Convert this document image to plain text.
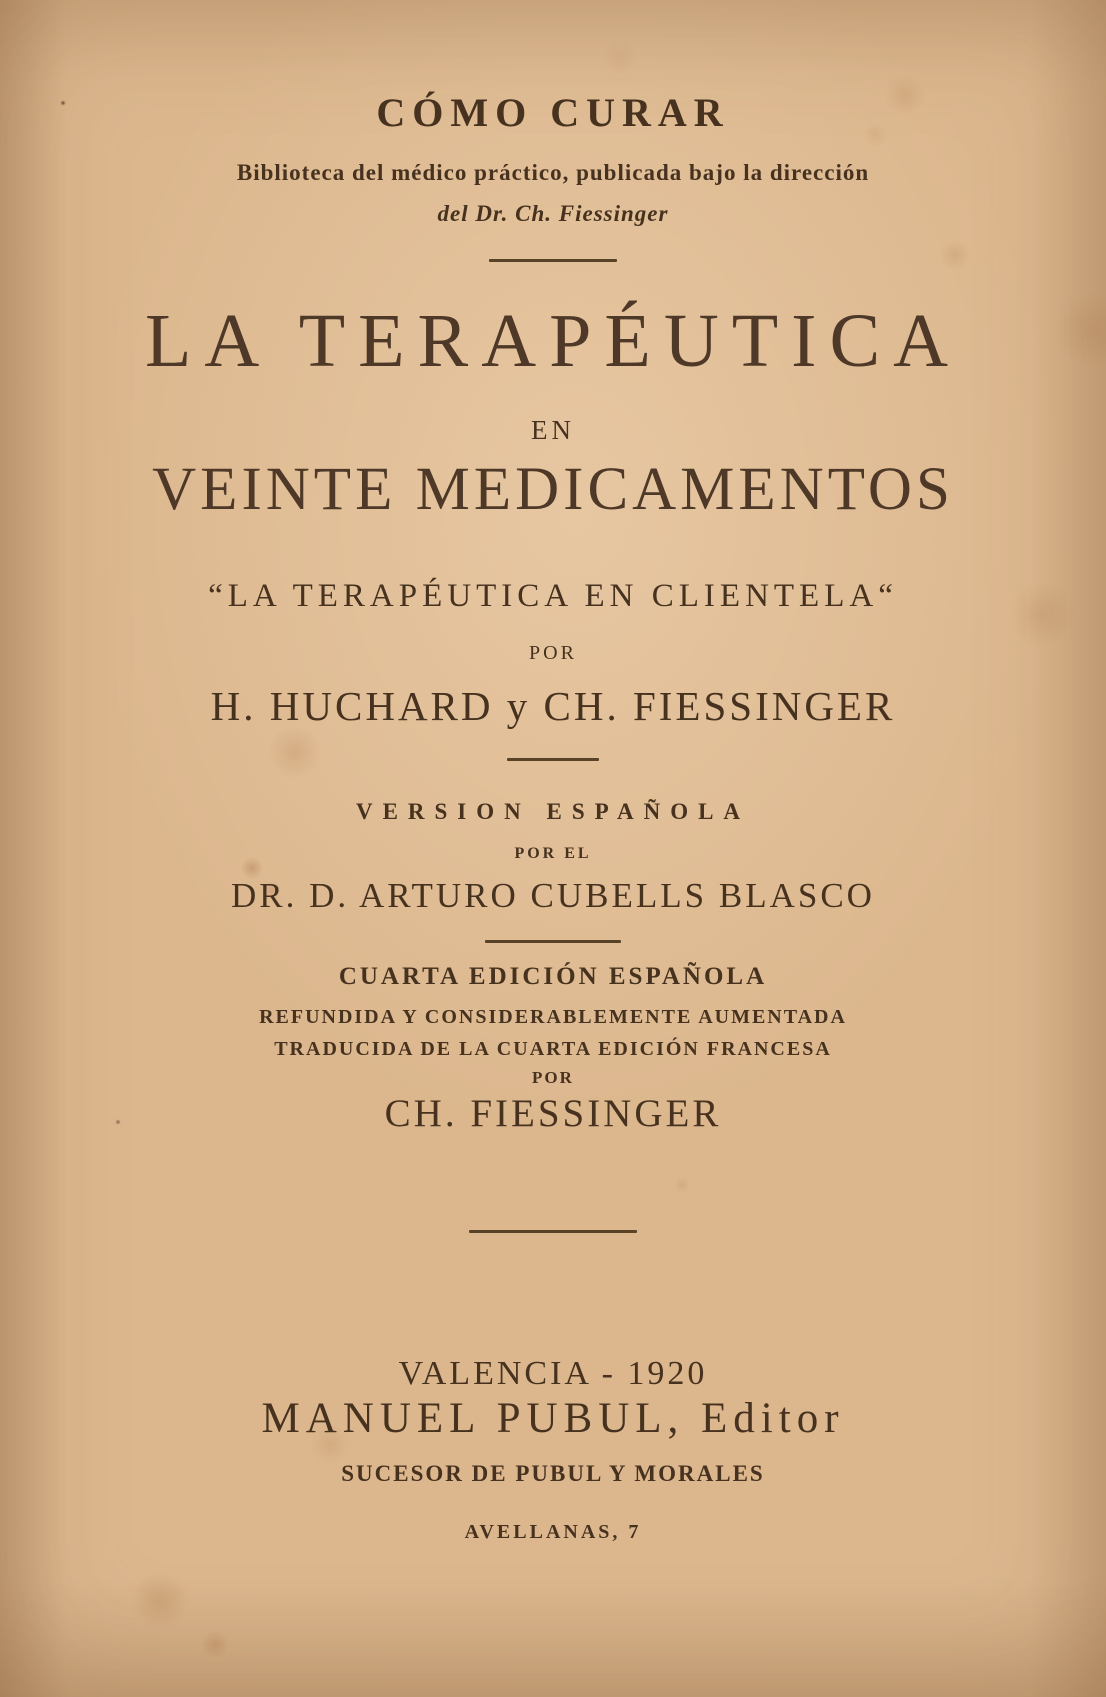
CÓMO CURAR
Biblioteca del médico práctico, publicada bajo la dirección
del Dr. Ch. Fiessinger
LA TERAPÉUTICA
EN
VEINTE MEDICAMENTOS
“LA TERAPÉUTICA EN CLIENTELA“
POR
H. HUCHARD y CH. FIESSINGER
VERSION ESPAÑOLA
POR EL
DR. D. ARTURO CUBELLS BLASCO
CUARTA EDICIÓN ESPAÑOLA
REFUNDIDA Y CONSIDERABLEMENTE AUMENTADA
TRADUCIDA DE LA CUARTA EDICIÓN FRANCESA
POR
CH. FIESSINGER
VALENCIA - 1920
MANUEL PUBUL, Editor
SUCESOR DE PUBUL Y MORALES
AVELLANAS, 7
